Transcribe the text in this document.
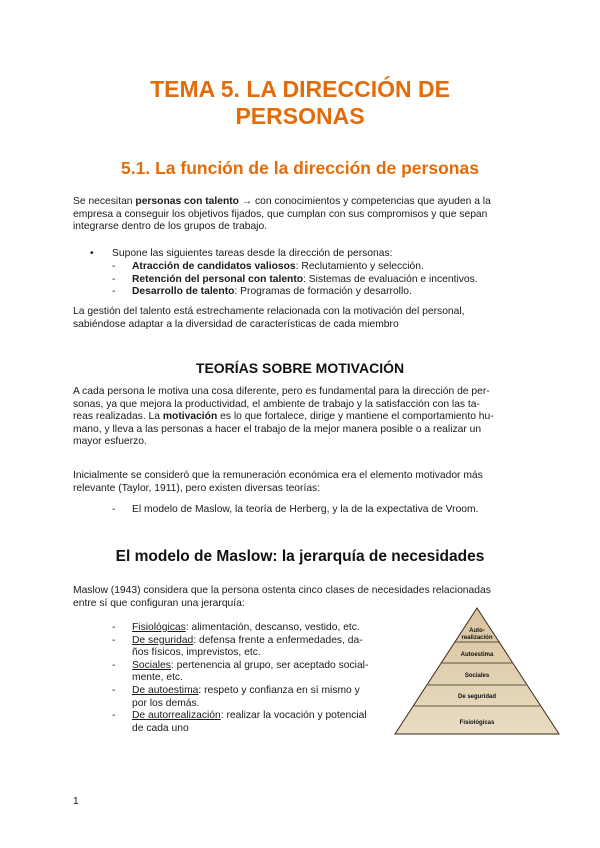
TEMA 5. LA DIRECCIÓN DE
PERSONAS
5.1. La función de la dirección de personas

Se necesitan personas con talento → con conocimientos y competencias que ayuden a la
empresa a conseguir los objetivos fijados, que cumplan con sus compromisos y que sepan
integrarse dentro de los grupos de trabajo.

• Supone las siguientes tareas desde la dirección de personas:
- Atracción de candidatos valiosos: Reclutamiento y selección.
- Retención del personal con talento: Sistemas de evaluación e incentivos.
- Desarrollo de talento: Programas de formación y desarrollo.

La gestión del talento está estrechamente relacionada con la motivación del personal,
sabiéndose adaptar a la diversidad de características de cada miembro

TEORÍAS SOBRE MOTIVACIÓN

A cada persona le motiva una cosa diferente, pero es fundamental para la dirección de per-
sonas, ya que mejora la productividad, el ambiente de trabajo y la satisfacción con las ta-
reas realizadas. La motivación es lo que fortalece, dirige y mantiene el comportamiento hu-
mano, y lleva a las personas a hacer el trabajo de la mejor manera posible o a realizar un
mayor esfuerzo.

Inicialmente se consideró que la remuneración económica era el elemento motivador más
relevante (Taylor, 1911), pero existen diversas teorías:

- El modelo de Maslow, la teoría de Herberg, y la de la expectativa de Vroom.
El modelo de Maslow: la jerarquía de necesidades

Maslow (1943) considera que la persona ostenta cinco clases de necesidades relacionadas
entre sí que configuran una jerarquía:

- Fisiológicas: alimentación, descanso, vestido, etc.
- De seguridad: defensa frente a enfermedades, da-
ños físicos, imprevistos, etc.
- Sociales: pertenencia al grupo, ser aceptado social-
mente, etc.
- De autoestima: respeto y confianza en sí mismo y
por los demás.
- De autorrealización: realizar la vocación y potencial
de cada uno
Auto-
realización
Autoestima
Sociales
De seguridad
Fisiológicas
1
